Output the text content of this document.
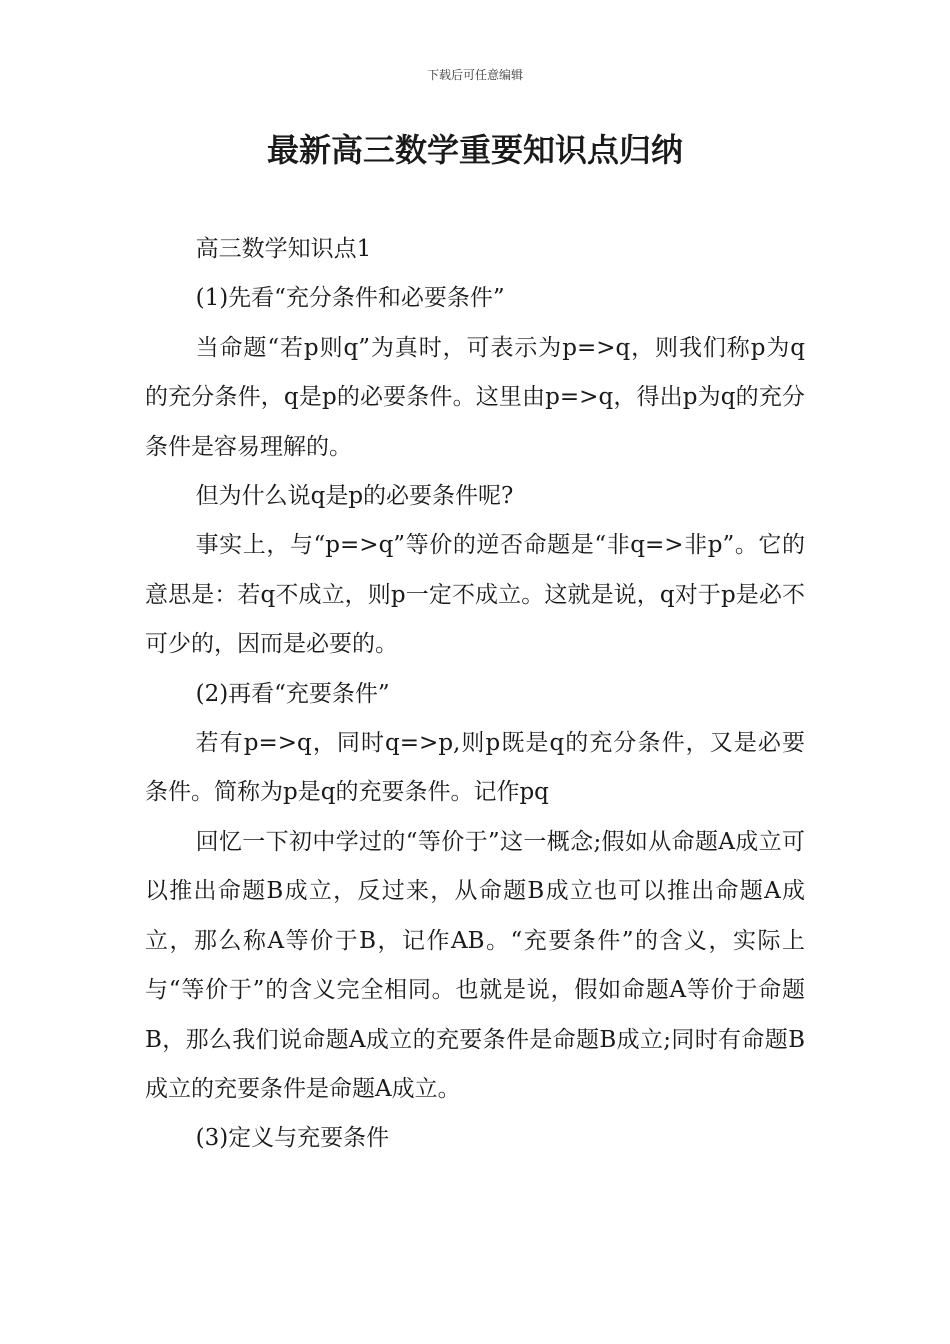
下载后可任意编辑
最新高三数学重要知识点归纳

高三数学知识点1

(1)先看“充分条件和必要条件”

当命题“若p则q”为真时，可表示为p=>q，则我们称p为q的充分条件，q是p的必要条件。这里由p=>q，得出p为q的充分条件是容易理解的。

但为什么说q是p的必要条件呢?

事实上，与“p=>q”等价的逆否命题是“非q=>非p”。它的意思是：若q不成立，则p一定不成立。这就是说，q对于p是必不可少的，因而是必要的。

(2)再看“充要条件”

若有p=>q，同时q=>p,则p既是q的充分条件，又是必要条件。简称为p是q的充要条件。记作pq

回忆一下初中学过的“等价于”这一概念;假如从命题A成立可以推出命题B成立，反过来，从命题B成立也可以推出命题A成立，那么称A等价于B，记作AB。“充要条件”的含义，实际上与“等价于”的含义完全相同。也就是说，假如命题A等价于命题B，那么我们说命题A成立的充要条件是命题B成立;同时有命题B成立的充要条件是命题A成立。

(3)定义与充要条件
